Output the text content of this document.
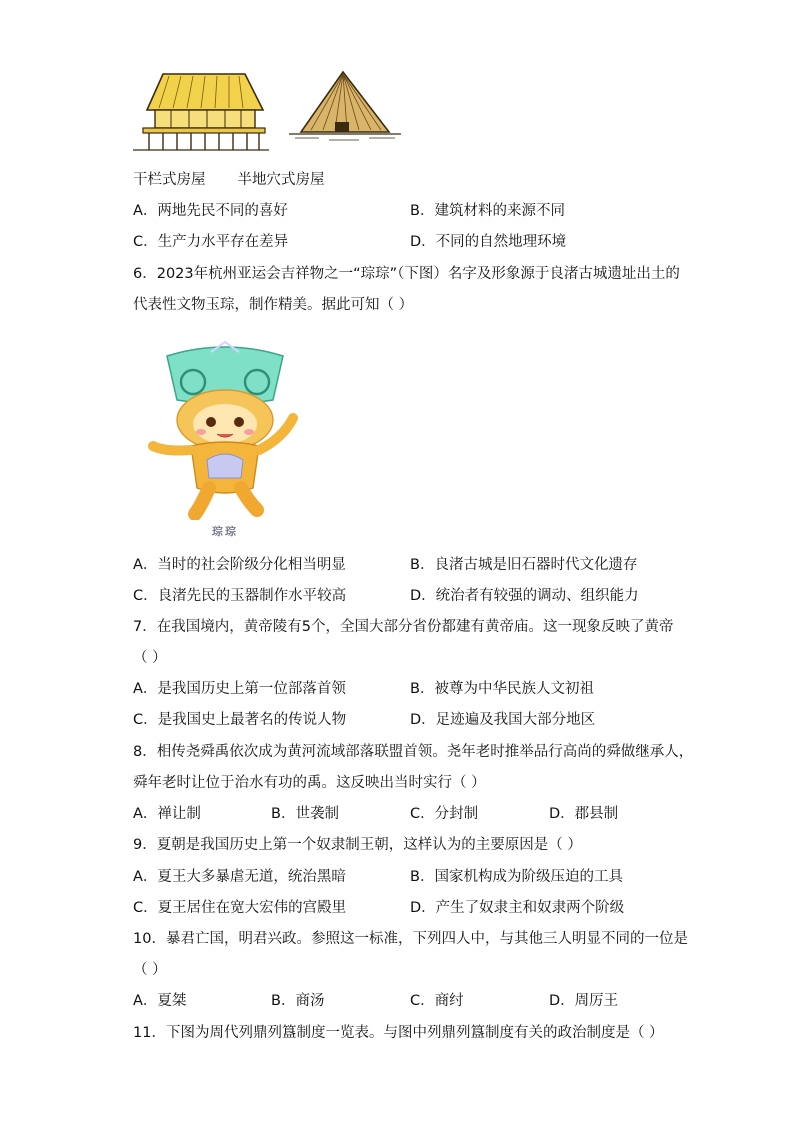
干栏式房屋 半地穴式房屋
A．两地先民不同的喜好	B．建筑材料的来源不同
C．生产力水平存在差异	D．不同的自然地理环境
6．2023年杭州亚运会吉祥物之一“琮琮”（下图）名字及形象源于良渚古城遗址出土的
代表性文物玉琮，制作精美。据此可知（ ）
琮琮
A．当时的社会阶级分化相当明显	B．良渚古城是旧石器时代文化遗存
C．良渚先民的玉器制作水平较高	D．统治者有较强的调动、组织能力
7．在我国境内，黄帝陵有5个，全国大部分省份都建有黄帝庙。这一现象反映了黄帝
（ ）
A．是我国历史上第一位部落首领	B．被尊为中华民族人文初祖
C．是我国史上最著名的传说人物	D．足迹遍及我国大部分地区
8．相传尧舜禹依次成为黄河流域部落联盟首领。尧年老时推举品行高尚的舜做继承人，
舜年老时让位于治水有功的禹。这反映出当时实行（ ）
A．禅让制	B．世袭制	C．分封制	D．郡县制
9．夏朝是我国历史上第一个奴隶制王朝，这样认为的主要原因是（ ）
A．夏王大多暴虐无道，统治黑暗	B．国家机构成为阶级压迫的工具
C．夏王居住在宽大宏伟的宫殿里	D．产生了奴隶主和奴隶两个阶级
10．暴君亡国，明君兴政。参照这一标准，下列四人中，与其他三人明显不同的一位是
（ ）
A．夏桀	B．商汤	C．商纣	D．周厉王
11．下图为周代列鼎列簋制度一览表。与图中列鼎列簋制度有关的政治制度是（ ）
